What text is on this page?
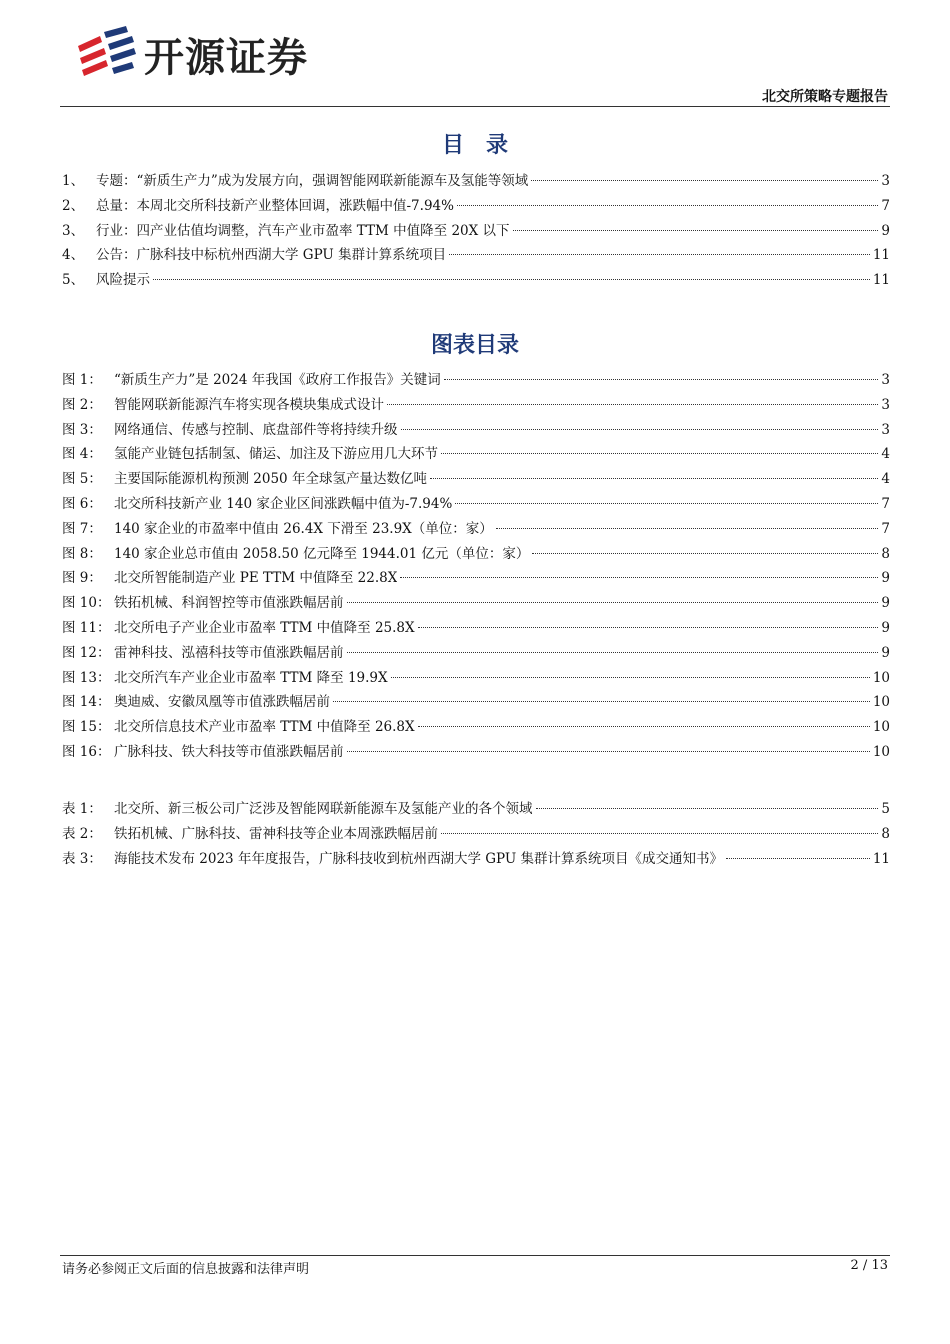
开源证券
北交所策略专题报告
目　录
1、 专题：“新质生产力”成为发展方向，强调智能网联新能源车及氢能等领域	3
2、 总量：本周北交所科技新产业整体回调，涨跌幅中值-7.94%	7
3、 行业：四产业估值均调整，汽车产业市盈率 TTM 中值降至 20X 以下	9
4、 公告：广脉科技中标杭州西湖大学 GPU 集群计算系统项目	11
5、 风险提示	11
图表目录
图 1： “新质生产力”是 2024 年我国《政府工作报告》关键词	3
图 2： 智能网联新能源汽车将实现各模块集成式设计	3
图 3： 网络通信、传感与控制、底盘部件等将持续升级	3
图 4： 氢能产业链包括制氢、储运、加注及下游应用几大环节	4
图 5： 主要国际能源机构预测 2050 年全球氢产量达数亿吨	4
图 6： 北交所科技新产业 140 家企业区间涨跌幅中值为-7.94%	7
图 7： 140 家企业的市盈率中值由 26.4X 下滑至 23.9X（单位：家）	7
图 8： 140 家企业总市值由 2058.50 亿元降至 1944.01 亿元（单位：家）	8
图 9： 北交所智能制造产业 PE TTM 中值降至 22.8X	9
图 10： 铁拓机械、科润智控等市值涨跌幅居前	9
图 11： 北交所电子产业企业市盈率 TTM 中值降至 25.8X	9
图 12： 雷神科技、泓禧科技等市值涨跌幅居前	9
图 13： 北交所汽车产业企业市盈率 TTM 降至 19.9X	10
图 14： 奥迪威、安徽凤凰等市值涨跌幅居前	10
图 15： 北交所信息技术产业市盈率 TTM 中值降至 26.8X	10
图 16： 广脉科技、铁大科技等市值涨跌幅居前	10
表 1： 北交所、新三板公司广泛涉及智能网联新能源车及氢能产业的各个领域	5
表 2： 铁拓机械、广脉科技、雷神科技等企业本周涨跌幅居前	8
表 3： 海能技术发布 2023 年年度报告，广脉科技收到杭州西湖大学 GPU 集群计算系统项目《成交通知书》	11
请务必参阅正文后面的信息披露和法律声明	2 / 13
